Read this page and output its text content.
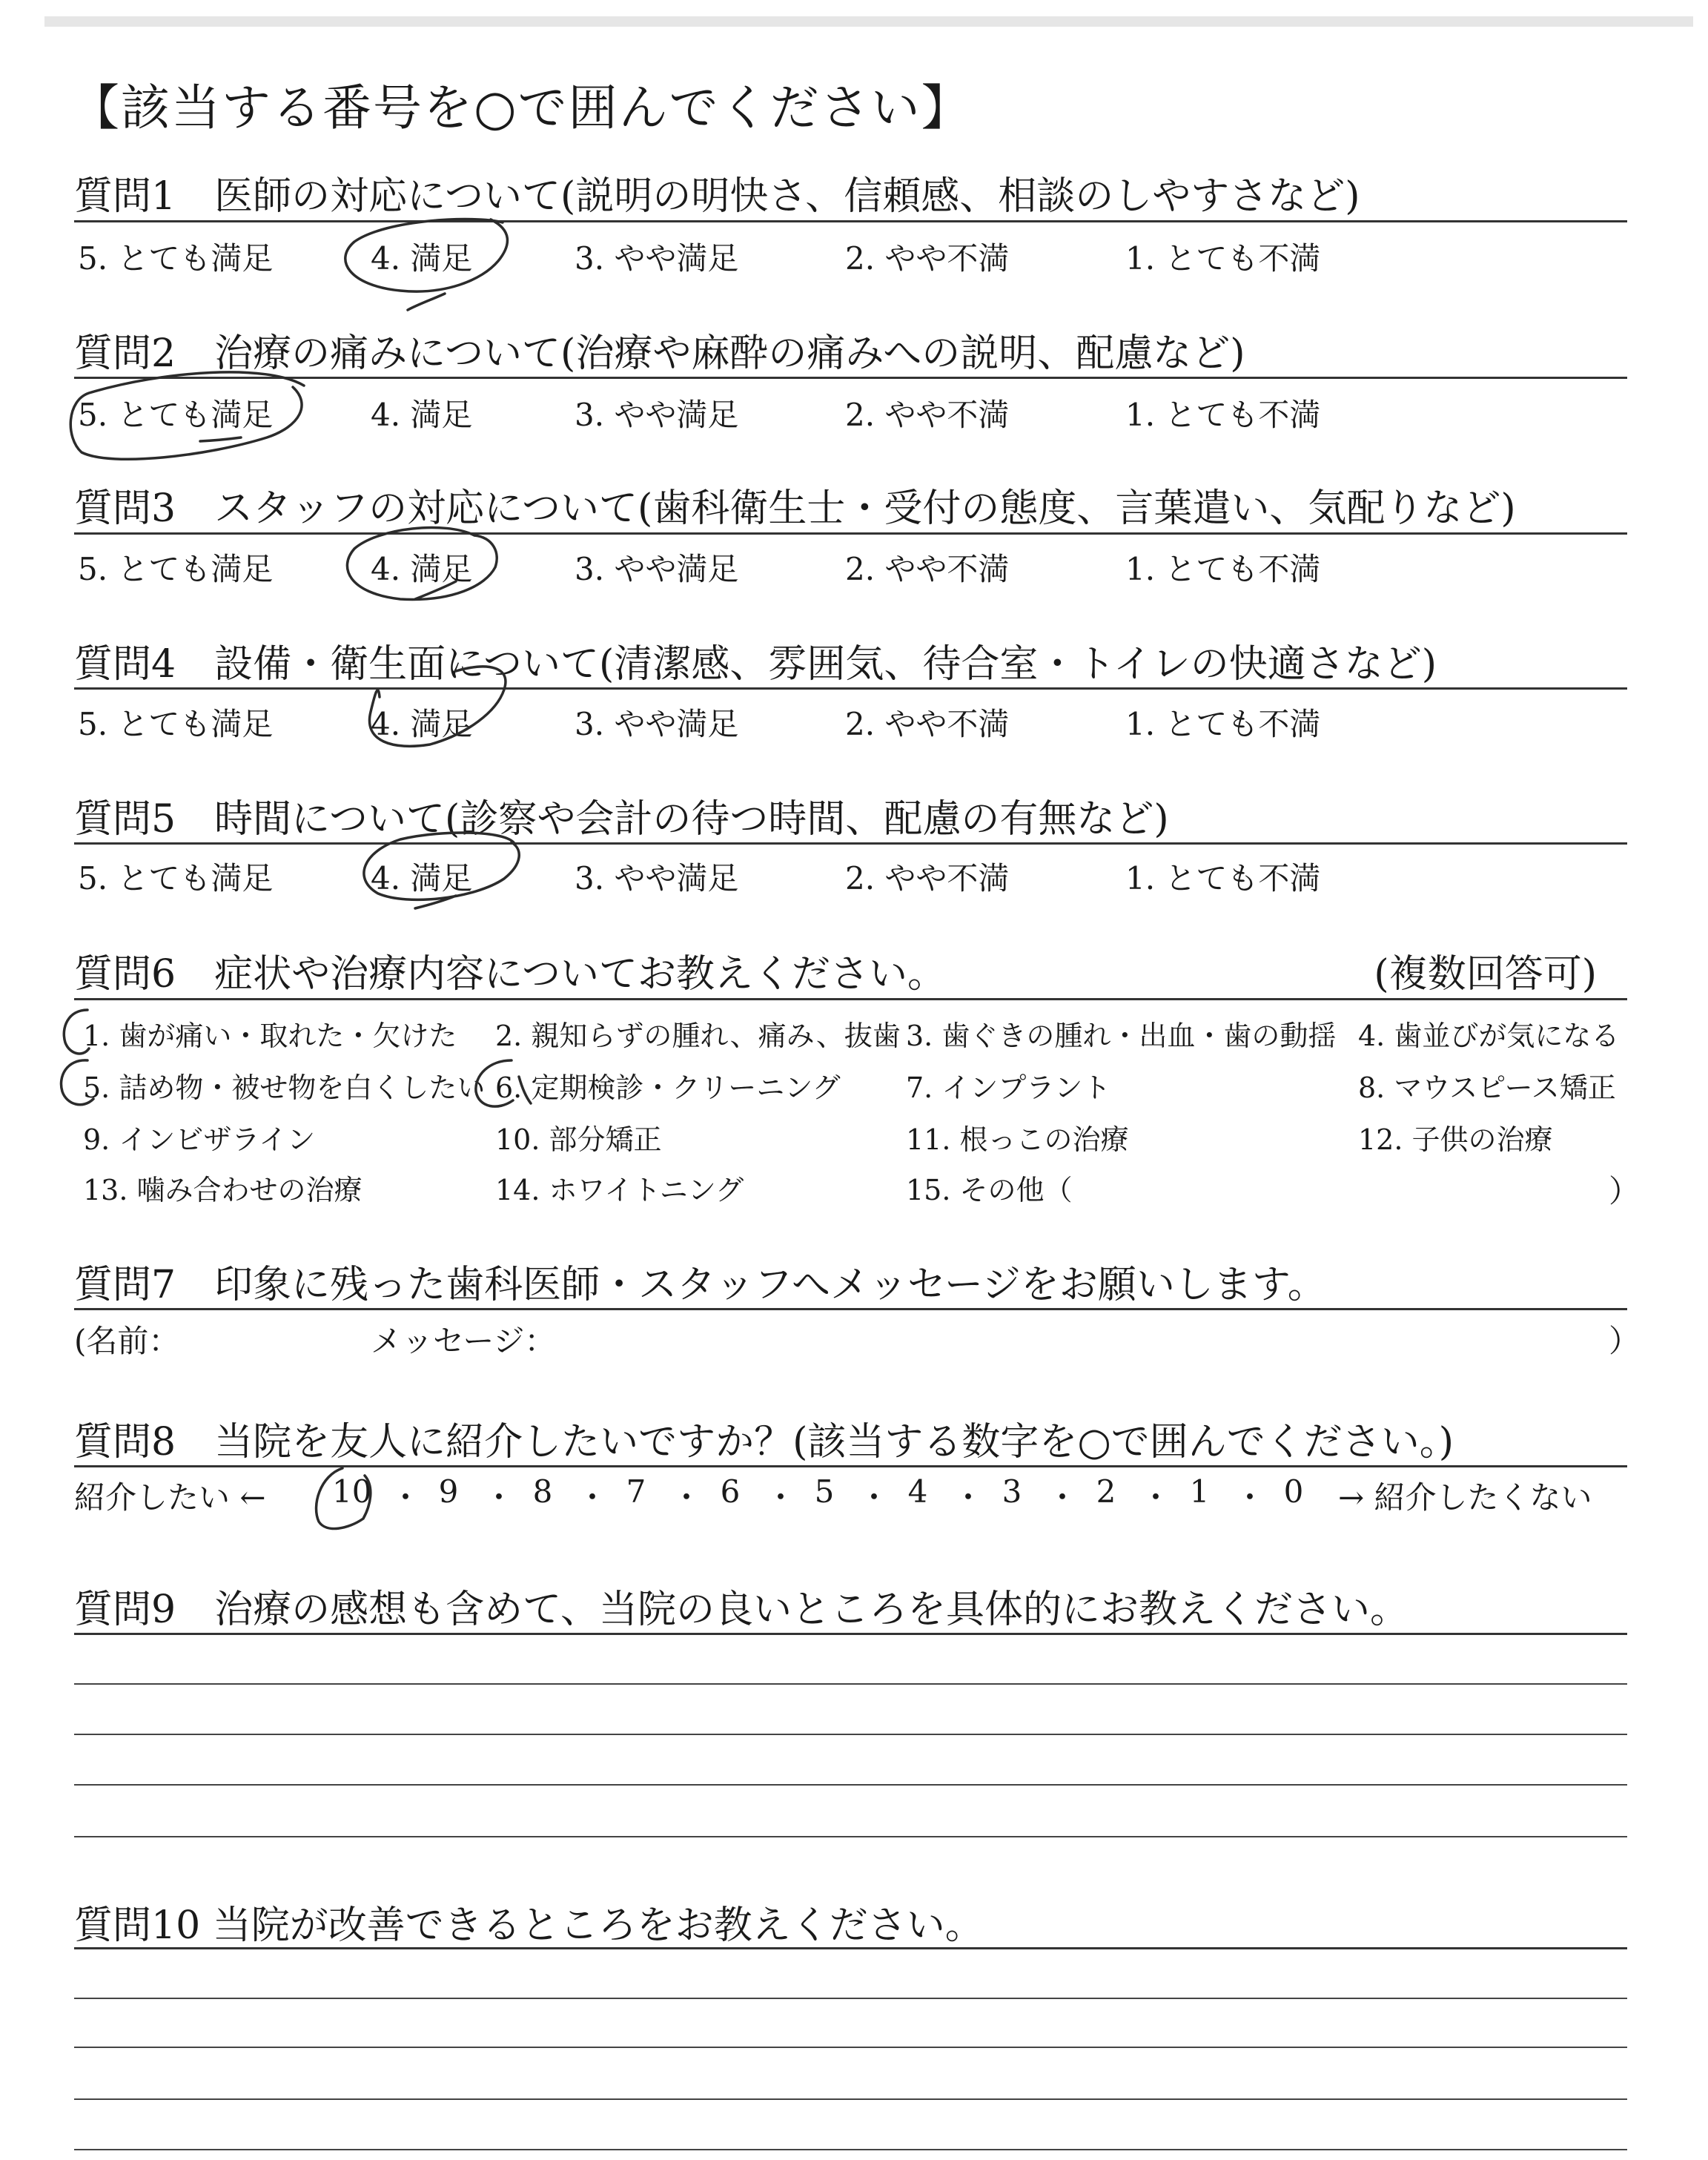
【該当する番号を○で囲んでください】
質問1　医師の対応について(説明の明快さ、信頼感、相談のしやすさなど)
5. とても満足	4. 満足	3. やや満足	2. やや不満	1. とても不満
質問2　治療の痛みについて(治療や麻酔の痛みへの説明、配慮など)
5. とても満足	4. 満足	3. やや満足	2. やや不満	1. とても不満
質問3　スタッフの対応について(歯科衛生士・受付の態度、言葉遣い、気配りなど)
5. とても満足	4. 満足	3. やや満足	2. やや不満	1. とても不満
質問4　設備・衛生面について(清潔感、雰囲気、待合室・トイレの快適さなど)
5. とても満足	4. 満足	3. やや満足	2. やや不満	1. とても不満
質問5　時間について(診察や会計の待つ時間、配慮の有無など)
5. とても満足	4. 満足	3. やや満足	2. やや不満	1. とても不満
質問6　症状や治療内容についてお教えください。	(複数回答可)
1. 歯が痛い・取れた・欠けた 2. 親知らずの腫れ、痛み、抜歯 3. 歯ぐきの腫れ・出血・歯の動揺 4. 歯並びが気になる
5. 詰め物・被せ物を白くしたい 6. 定期検診・クリーニング 7. インプラント	8. マウスピース矯正
9. インビザライン	10. 部分矯正	11. 根っこの治療	12. 子供の治療
13. 噛み合わせの治療	14. ホワイトニング	15. その他（	）
質問7　印象に残った歯科医師・スタッフへメッセージをお願いします。
(名前：	メッセージ：	）
質問8　当院を友人に紹介したいですか？(該当する数字を○で囲んでください。)
紹介したい ← 10 ・ 9 ・ 8 ・ 7 ・ 6 ・ 5 ・ 4 ・ 3 ・ 2 ・ 1 ・ 0 → 紹介したくない
質問9　治療の感想も含めて、当院の良いところを具体的にお教えください。
質問10 当院が改善できるところをお教えください。
